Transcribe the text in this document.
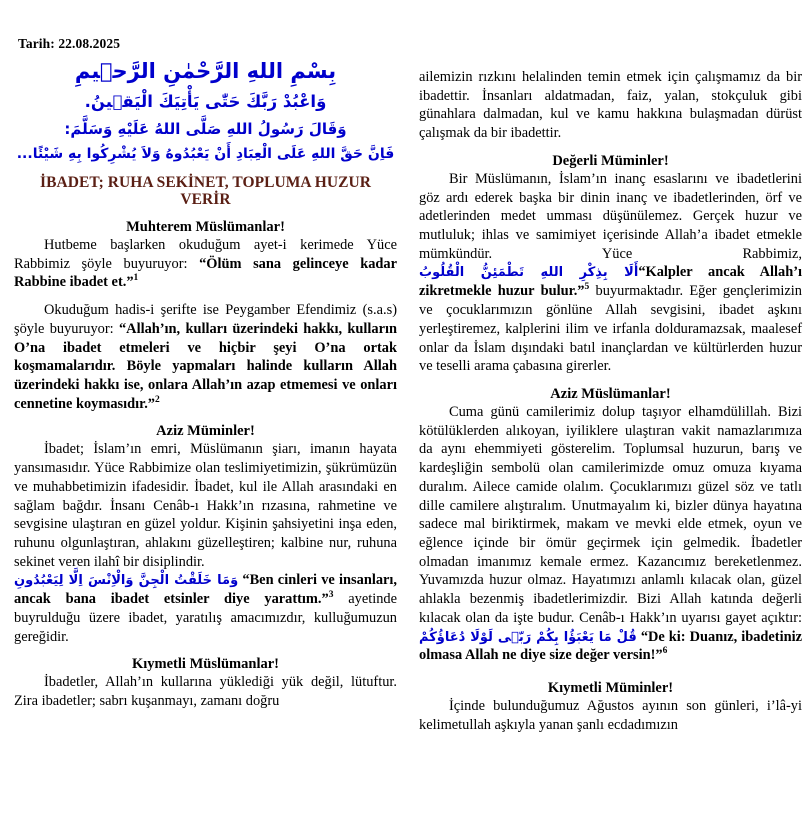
Tarih: 22.08.2025
بِسْمِ اللهِ الرَّحْمٰنِ الرَّحٖيمِ
وَاعْبُدْ رَبَّكَ حَتّٰى يَأْتِيَكَ الْيَقٖينُ.
وَقَالَ رَسُولُ اللهِ صَلَّى اللهُ عَلَيْهِ وَسَلَّمَ:
فَاِنَّ حَقَّ اللهِ عَلَى الْعِبَادِ أَنْ يَعْبُدُوهُ وَلاَ يُشْرِكُوا بِهِ شَيْئًا...
İBADET; RUHA SEKİNET, TOPLUMA HUZUR VERİR
Muhterem Müslümanlar!

Hutbeme başlarken okuduğum ayet-i kerimede Yüce Rabbimiz şöyle buyuruyor: “Ölüm sana gelinceye kadar Rabbine ibadet et.”$^1$

Okuduğum hadis-i şerifte ise Peygamber Efendimiz (s.a.s) şöyle buyuruyor: “Allah’ın, kulları üzerindeki hakkı, kulların O’na ibadet etmeleri ve hiçbir şeyi O’na ortak koşmamalarıdır. Böyle yapmaları halinde kulların Allah üzerindeki hakkı ise, onlara Allah’ın azap etmemesi ve onları cennetine koymasıdır.”$^2$

Aziz Müminler!

İbadet; İslam’ın emri, Müslümanın şiarı, imanın hayata yansımasıdır. Yüce Rabbimize olan teslimiyetimizin, şükrümüzün ve muhabbetimizin ifadesidir. İbadet, kul ile Allah arasındaki en sağlam bağdır. İnsanı Cenâb-ı Hakk’ın rızasına, rahmetine ve sevgisine ulaştıran en güzel yoldur. Kişinin şahsiyetini inşa eden, ruhunu olgunlaştıran, ahlakını güzelleştiren; kalbine nur, ruhuna sekinet veren ilahî bir disiplindir.

وَمَا خَلَقْتُ الْجِنَّ وَالْاِنْسَ اِلَّا لِيَعْبُدُونِ “Ben cinleri ve insanları, ancak bana ibadet etsinler diye yarattım.”$^3$ ayetinde buyrulduğu üzere ibadet, yaratılış amacımızdır, kulluğumuzun gereğidir.

Kıymetli Müslümanlar!

İbadetler, Allah’ın kullarına yüklediği yük değil, lütuftur. Zira ibadetler; sabrı kuşanmayı, zamanı doğru

ailemizin rızkını helalinden temin etmek için çalışmamız da bir ibadettir. İnsanları aldatmadan, faiz, yalan, stokçuluk gibi günahlara dalmadan, kul ve kamu hakkına bulaşmadan dürüst çalışmak da bir ibadettir.

Değerli Müminler!

Bir Müslümanın, İslam’ın inanç esaslarını ve ibadetlerini göz ardı ederek başka bir dinin inanç ve ibadetlerinden, örf ve adetlerinden medet umması düşünülemez. Gerçek huzur ve mutluluk; ihlas ve samimiyet içerisinde Allah’a ibadet etmekle mümkündür. Yüce Rabbimiz, أَلَا بِذِكْرِ اللهِ تَطْمَئِنُّ الْقُلُوبُ“Kalpler ancak Allah’ı zikretmekle huzur bulur.”$^5$ buyurmaktadır. Eğer gençlerimizin ve çocuklarımızın gönlüne Allah sevgisini, ibadet aşkını yerleştiremez, kalplerini ilim ve irfanla dolduramazsak, maalesef onlar da İslam dışındaki batıl inançlardan ve kültürlerden huzur ve teselli arama çabasına girerler.

Aziz Müslümanlar!

Cuma günü camilerimiz dolup taşıyor elhamdülillah. Bizi kötülüklerden alıkoyan, iyiliklere ulaştıran vakit namazlarımıza da aynı ehemmiyeti gösterelim. Toplumsal huzurun, barış ve kardeşliğin sembolü olan camilerimizde omuz omuza kıyama duralım. Ailece camide olalım. Çocuklarımızı güzel söz ve tatlı dille camilere alıştıralım. Unutmayalım ki, bizler dünya hayatına sadece mal biriktirmek, makam ve mevki elde etmek, oyun ve eğlence içinde bir ömür geçirmek için gelmedik. İbadetler olmadan imanımız kemale ermez. Kazancımız bereketlenmez. Yuvamızda huzur olmaz. Hayatımızı anlamlı kılacak olan, güzel ahlakla bezenmiş ibadetlerimizdir. Bizi Allah katında değerli kılacak olan da işte budur. Cenâb-ı Hakk’ın uyarısı gayet açıktır: قُلْ مَا يَعْبَؤُا بِكُمْ رَبّٖى لَوْلَا دُعَاؤُكُمْ “De ki: Duanız, ibadetiniz olmasa Allah ne diye size değer versin!”$^6$

Kıymetli Müminler!

İçinde bulunduğumuz Ağustos ayının son günleri, i’lâ-yi kelimetullah aşkıyla yanan şanlı ecdadımızın
